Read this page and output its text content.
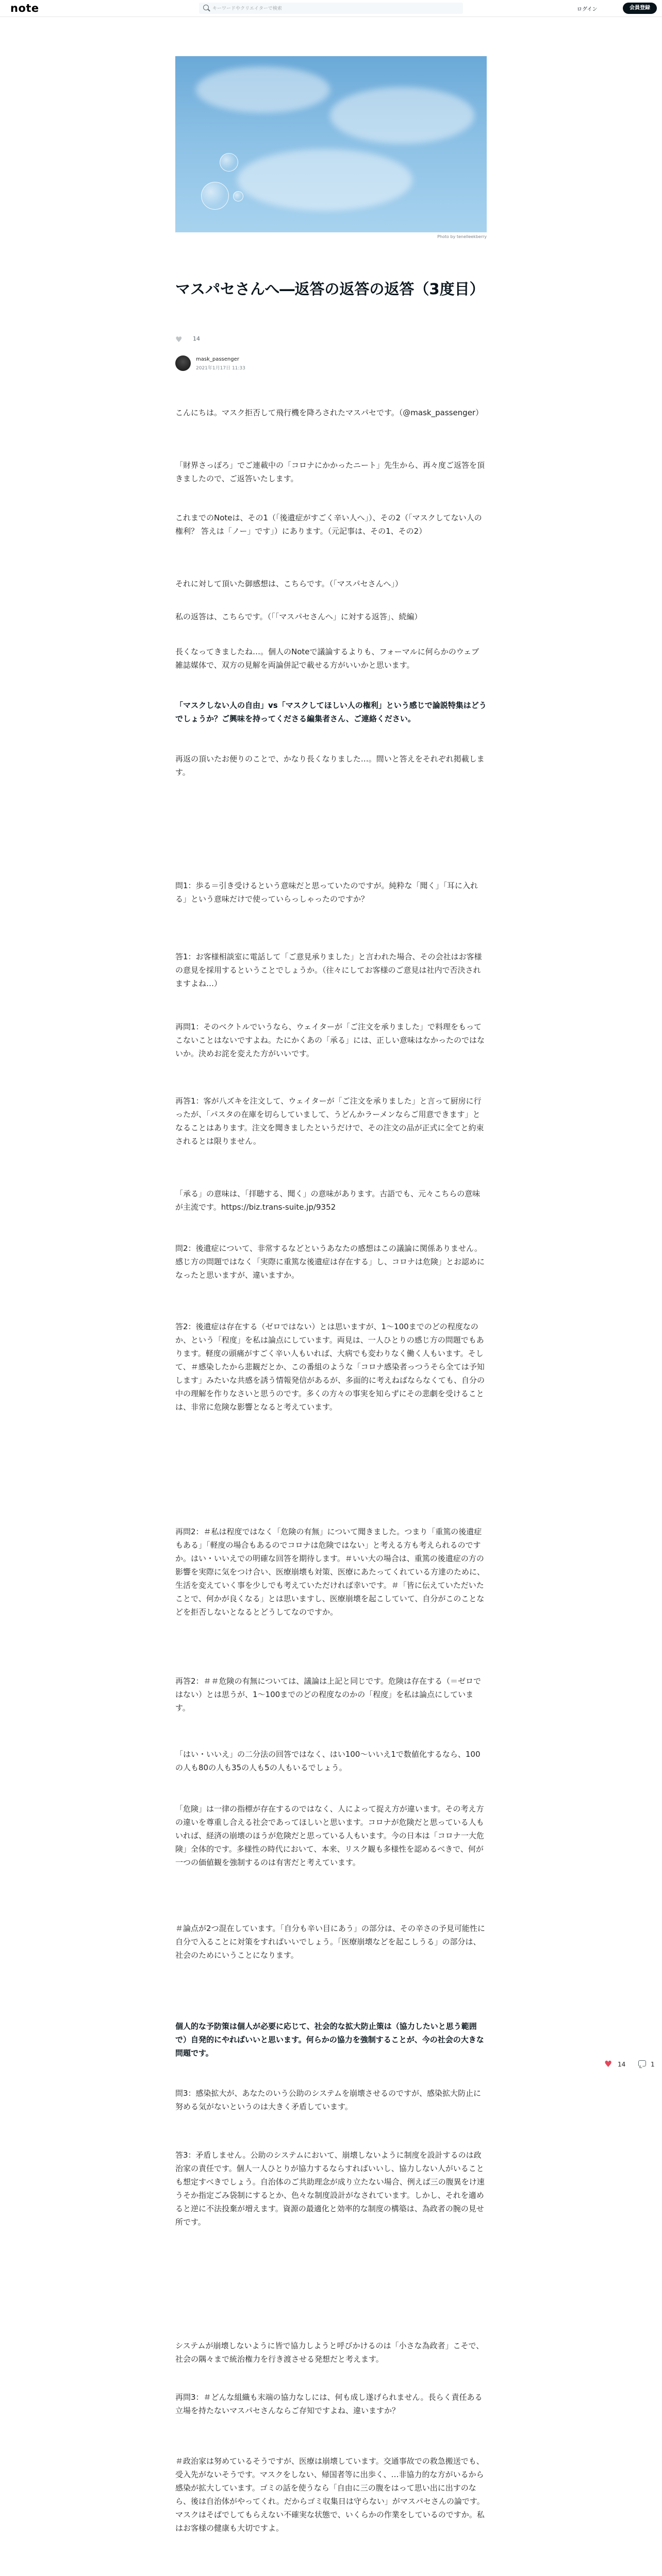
note
キーワードやクリエイターで検索	ログイン	会員登録
Photo by tenelleekberry
マスパセさんへ―返答の返答の返答（3度目）
♥ 14
mask_passenger
2021年1月17日 11:33

こんにちは。マスク拒否して飛行機を降ろされたマスパセです。（@mask_passenger）

「財界さっぽろ」でご連載中の「コロナにかかったニート」先生から、再々度ご返答を頂きましたので、ご返答いたします。

これまでのNoteは、その1（「後遺症がすごく辛い人へ」）、その2（「マスクしてない人の権利？ 答えは「ノー」です」）にあります。（元記事は、その1、その2）

それに対して頂いた御感想は、こちらです。（「マスパセさんへ」）

私の返答は、こちらです。（「「マスパセさんへ」に対する返答」、続編）

長くなってきましたね…。個人のNoteで議論するよりも、フォーマルに何らかのウェブ雑誌媒体で、双方の見解を両論併記で載せる方がいいかと思います。

「マスクしない人の自由」vs「マスクしてほしい人の権利」という感じで論説特集はどうでしょうか？ご興味を持ってくださる編集者さん、ご連絡ください。

再返の頂いたお便りのことで、かなり長くなりました…。間いと答えをそれぞれ掲載します。

問1：歩る＝引き受けるという意味だと思っていたのですが。純粋な「聞く」「耳に入れる」という意味だけで使っていらっしゃったのですか？

答1：お客様相談室に電話して「ご意見承りました」と言われた場合、その会社はお客様の意見を採用するということでしょうか。（往々にしてお客様のご意見は社内で否決されますよね…）

再問1：そのベクトルでいうなら、ウェイターが「ご注文を承りました」で料理をもってこないことはないですよね。たにかくあの「承る」には、正しい意味はなかったのではないか。決めお詫を変えた方がいいです。

再答1：客が八ズキを注文して、ウェイターが「ご注文を承りました」と言って厨房に行ったが、「パスタの在庫を切らしていまして、うどんかラーメンならご用意できます」となることはあります。注文を聞きましたというだけで、その注文の品が正式に全てと約束されるとは限りません。

「承る」の意味は、「拝聴する、聞く」の意味があります。古語でも、元々こちらの意味が主流です。https://biz.trans-suite.jp/9352

問2：後遺症について、非常するなどというあなたの感想はこの議論に関係ありません。感じ方の問題ではなく「実際に重篤な後遺症は存在する」し、コロナは危険」とお認めになったと思いますが、違いますか。

答2：後遺症は存在する（ゼロではない）とは思いますが、1～100までのどの程度なのか、という「程度」を私は論点にしています。両見は、一人ひとりの感じ方の問題でもあります。軽度の頭痛がすごく辛い人もいれば、大病でも変わりなく働く人もいます。そして、＃感染したから悲観だとか、この番組のような「コロナ感染者っつうそら全ては予知します」みたいな共感を誘う情報発信があるが、多面的に考えねばならなくても、自分の中の理解を作りなさいと思うのです。多くの方々の事実を知らずにその悲劇を受けることは、非常に危険な影響となると考えています。

再問2：＃私は程度ではなく「危険の有無」について聞きました。つまり「重篤の後遺症もある」「軽度の場合もあるのでコロナは危険ではない」と考える方も考えられるのですか。はい・いいえでの明確な回答を期待します。＃いい大の場合は、重篤の後遺症の方の影響を実際に気をつけ合い、医療崩壊も対策、医療にあたってくれている方達のために、生活を変えていく事を少しでも考えていただければ幸いです。＃「皆に伝えていただいたことで、何かが良くなる」とは思いますし、医療崩壊を起こしていて、自分がこのことなどを拒否しないとなるとどうしてなのですか。

再答2：＃＃危険の有無については、議論は上記と同じです。危険は存在する（＝ゼロではない）とは思うが、1～100までのどの程度なのかの「程度」を私は論点にしています。

「はい・いいえ」の二分法の回答ではなく、はい100～いいえ1で数値化するなら、100の人も80の人も35の人も5の人もいるでしょう。

「危険」は一律の指標が存在するのではなく、人によって捉え方が違います。その考え方の違いを尊重し合える社会であってほしいと思います。コロナが危険だと思っている人もいれば、経済の崩壊のほうが危険だと思っている人もいます。今の日本は「コロナ一大危険」全体的です。多様性の時代において、本来、リスク観も多様性を認めるべきで、何が一つの価値観を強制するのは有害だと考えています。

＃論点が2つ混在しています。「自分も辛い目にあう」の部分は、その辛さの予見可能性に自分で入ることに対策をすればいいでしょう。「医療崩壊などを起こしうる」の部分は、社会のためにいうことになります。

個人的な予防策は個人が必要に応じて、社会的な拡大防止策は（協力したいと思う範囲で）自発的にやればいいと思います。何らかの協力を強制することが、今の社会の大きな問題です。

問3：感染拡大が、あなたのいう公助のシステムを崩壊させるのですが、感染拡大防止に努める気がないというのは大きく矛盾しています。

答3：矛盾しません。公助のシステムにおいて、崩壊しないように制度を設計するのは政治家の責任です。個人一人ひとりが協力するならすればいいし、協力しない人がいることも想定すべきでしょう。自治体のご共助理念が成り立たない場合、例えば三の腹異をけ速うそか指定ごみ袋制にするとか、色々な制度設計がなされています。しかし、それを適めると逆に不法投棄が増えます。資源の最適化と効率的な制度の構築は、為政者の腕の見せ所です。

システムが崩壊しないように皆で協力しようと呼びかけるのは「小さな為政者」こそで、社会の隅々まで統治権力を行き渡させる発想だと考えます。

再問3：＃どんな組織も末端の協力なしには、何も成し遂げられません。長らく責任ある立場を持たないマスパセさんならご存知ですよね、違いますか？

＃政治家は努めているそうですが、医療は崩壊しています。交通事故での救急搬送でも、受入先がないそうです。マスクをしない、帰国者等に出歩く、…非協力的な方がいるから感染が拡大しています。ゴミの話を使うなら「自由に三の腹をはって思い出に出すのなら、後は自治体がやってくれ。だからゴミ収集日は守らない」がマスパセさんの論です。マスクはそばでしてもらえない不確実な状態で、いくらかの作業をしているのですか。私はお客様の健康も大切ですよ。

♥ 14	1
